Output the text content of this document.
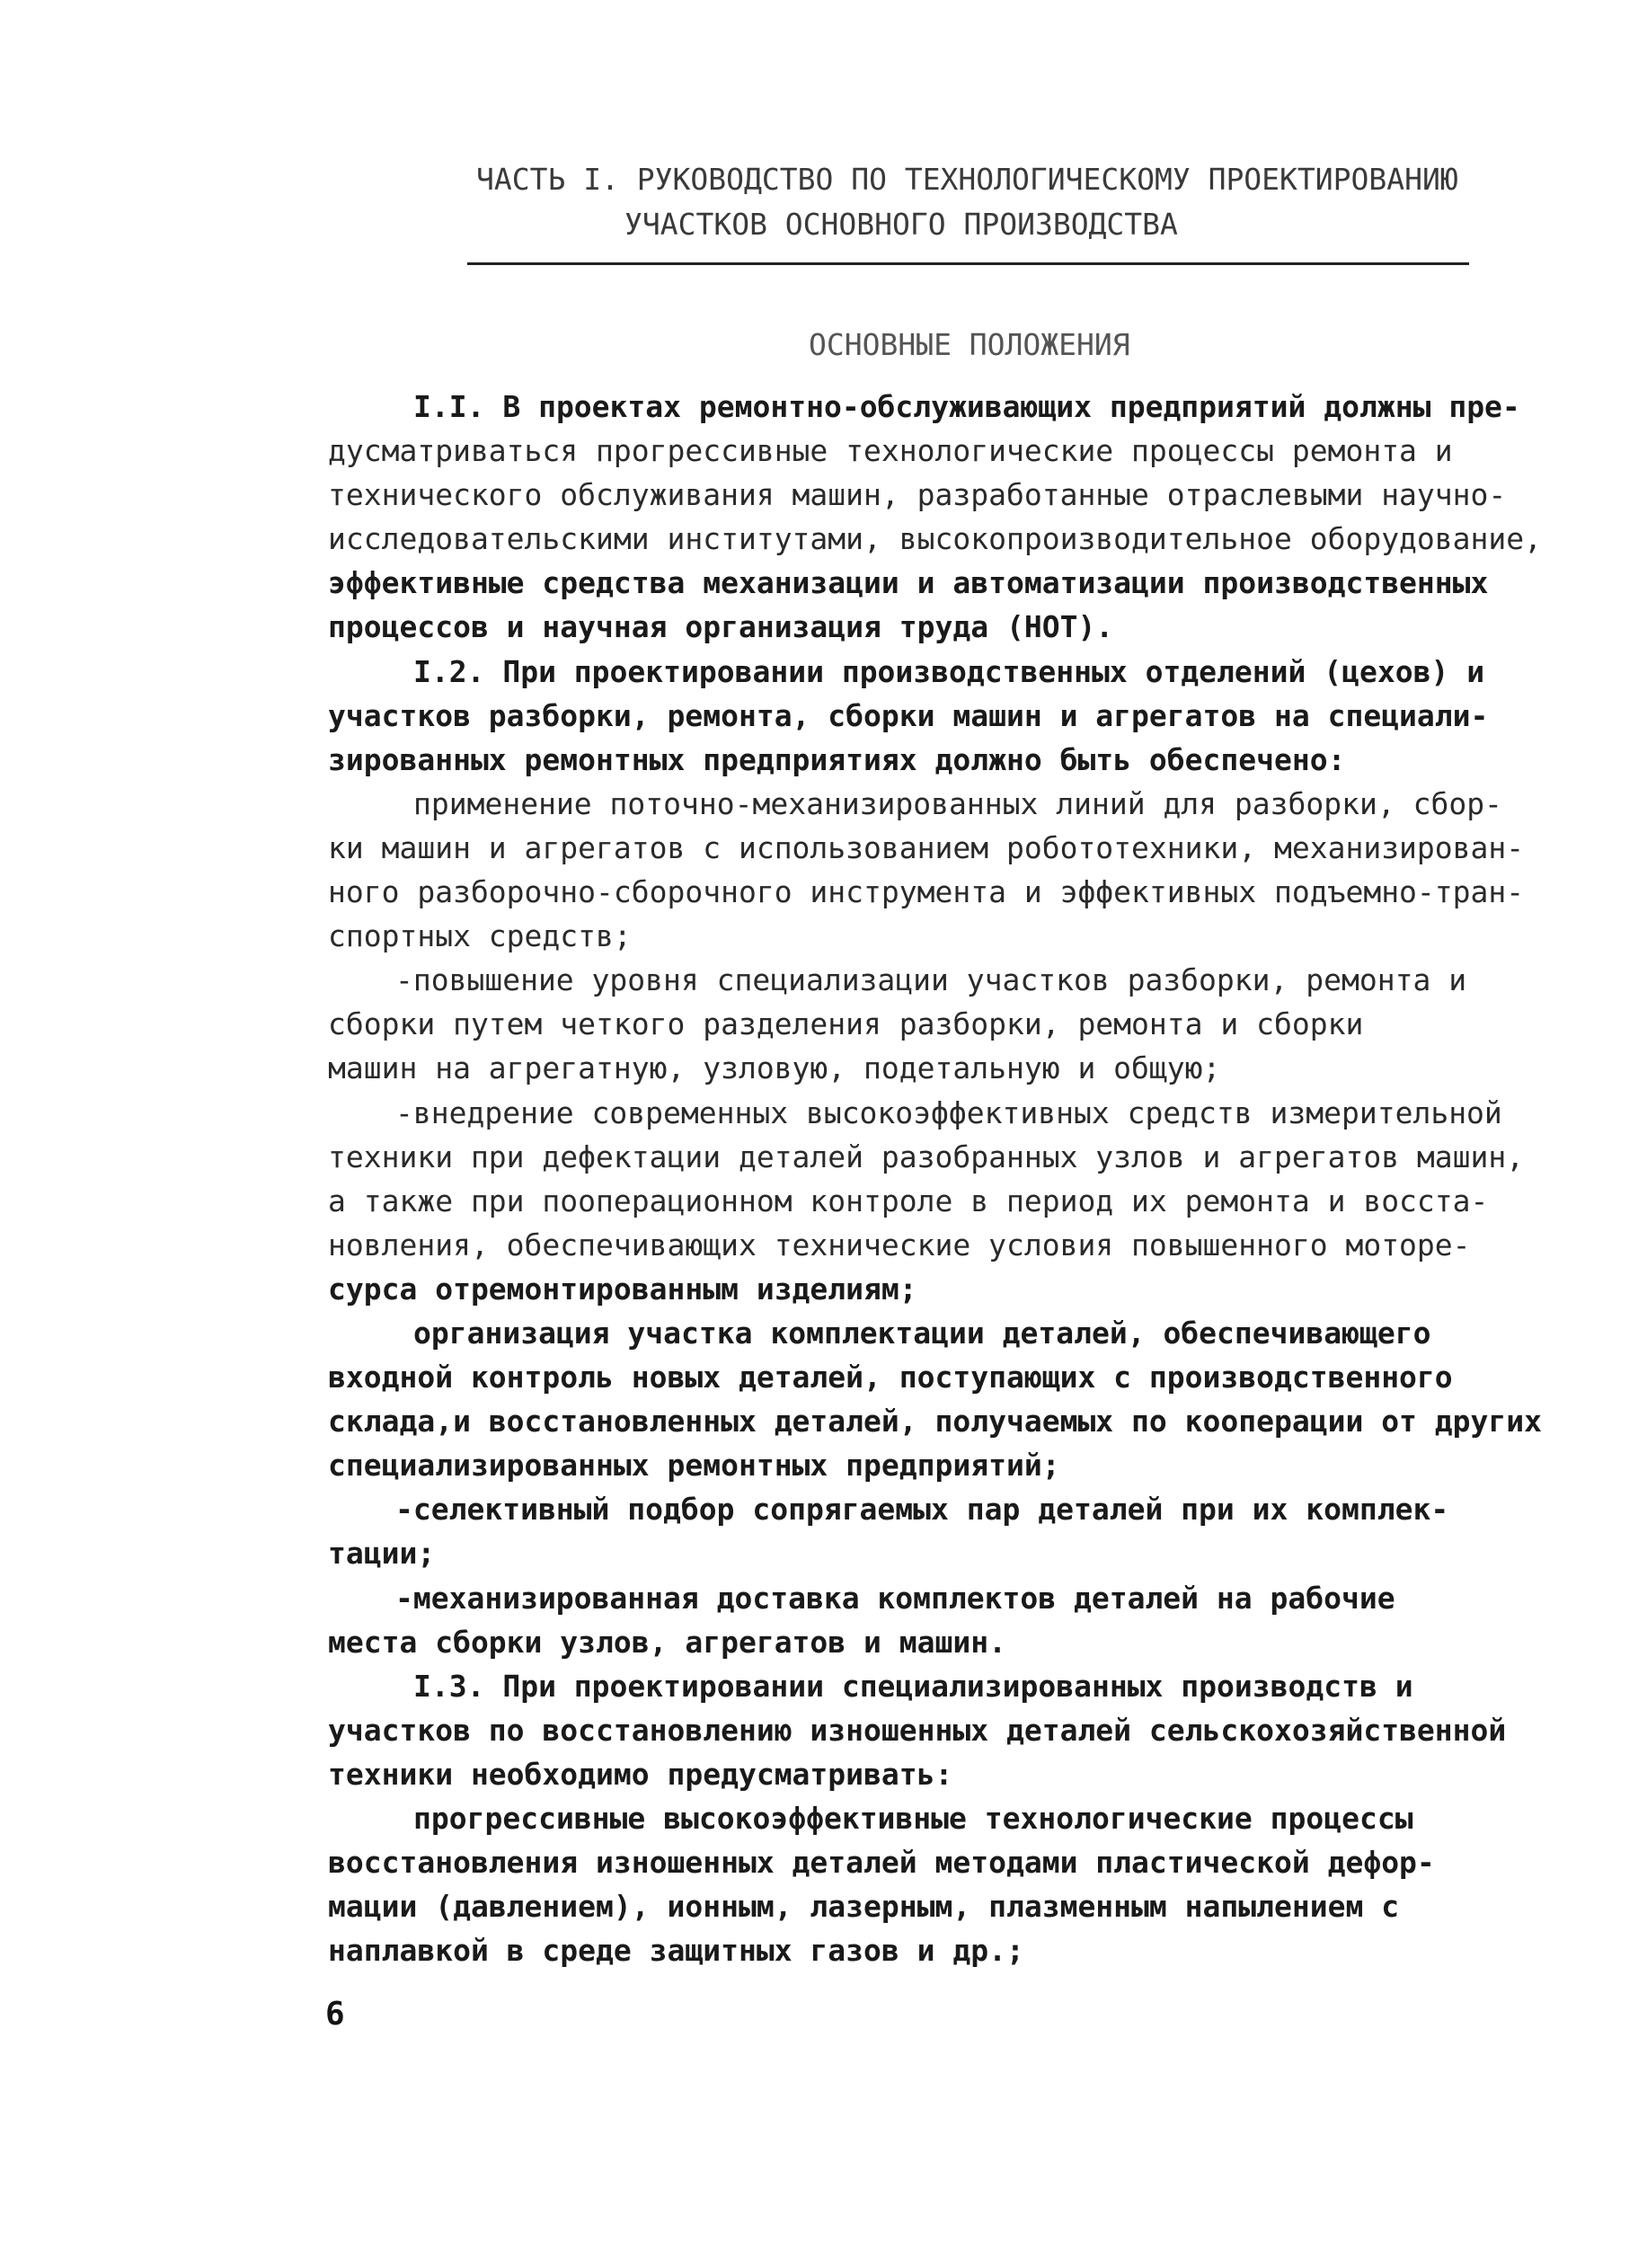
ЧАСТЬ I. РУКОВОДСТВО ПО ТЕХНОЛОГИЧЕСКОМУ ПРОЕКТИРОВАНИЮ
УЧАСТКОВ ОСНОВНОГО ПРОИЗВОДСТВА
ОСНОВНЫЕ ПОЛОЖЕНИЯ
I.I. В проектах ремонтно-обслуживающих предприятий должны пре-
дусматриваться прогрессивные технологические процессы ремонта и
технического обслуживания машин, разработанные отраслевыми научно-
исследовательскими институтами, высокопроизводительное оборудование,
эффективные средства механизации и автоматизации производственных
процессов и научная организация труда (НОТ).
I.2. При проектировании производственных отделений (цехов) и
участков разборки, ремонта, сборки машин и агрегатов на специали-
зированных ремонтных предприятиях должно быть обеспечено:
применение поточно-механизированных линий для разборки, сбор-
ки машин и агрегатов с использованием робототехники, механизирован-
ного разборочно-сборочного инструмента и эффективных подъемно-тран-
спортных средств;
-повышение уровня специализации участков разборки, ремонта и
сборки путем четкого разделения разборки, ремонта и сборки
машин на агрегатную, узловую, подетальную и общую;
-внедрение современных высокоэффективных средств измерительной
техники при дефектации деталей разобранных узлов и агрегатов машин,
а также при пооперационном контроле в период их ремонта и восста-
новления, обеспечивающих технические условия повышенного моторе-
сурса отремонтированным изделиям;
организация участка комплектации деталей, обеспечивающего
входной контроль новых деталей, поступающих с производственного
склада,и восстановленных деталей, получаемых по кооперации от других
специализированных ремонтных предприятий;
-селективный подбор сопрягаемых пар деталей при их комплек-
тации;
-механизированная доставка комплектов деталей на рабочие
места сборки узлов, агрегатов и машин.
I.3. При проектировании специализированных производств и
участков по восстановлению изношенных деталей сельскохозяйственной
техники необходимо предусматривать:
прогрессивные высокоэффективные технологические процессы
восстановления изношенных деталей методами пластической дефор-
мации (давлением), ионным, лазерным, плазменным напылением с
наплавкой в среде защитных газов и др.;
6
